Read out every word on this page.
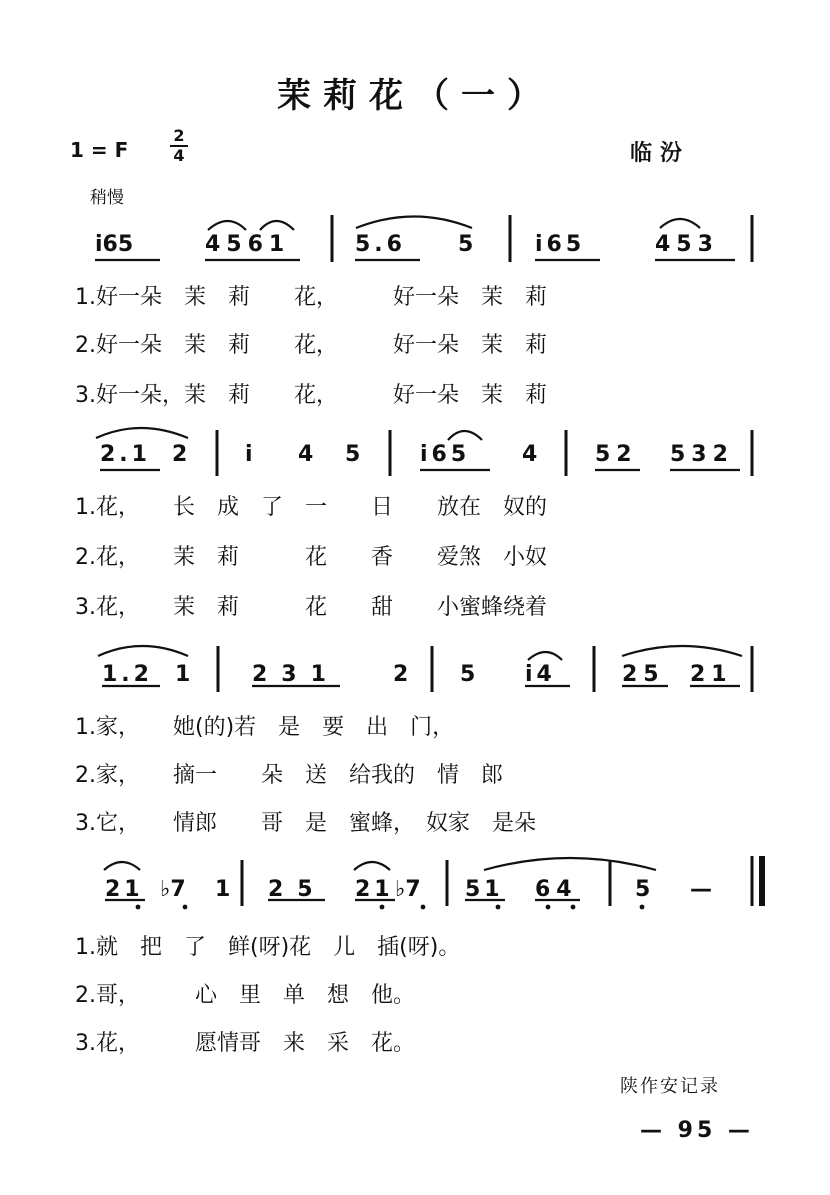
茉莉花（一）
1 = F
2
4	临汾
稍慢
i65	4561	5.6 5	i65	453
1.好一朵　茉　莉　　花，　　　好一朵　茉　莉
2.好一朵　茉　莉　　花，　　　好一朵　茉　莉
3.好一朵，茉　莉　　花，　　　好一朵　茉　莉
2.1 2	i 4 5	i65 4	52 532
1.花，　　长　成　了　一　　日　　放在　奴的
2.花，　　茉　莉　　　花　　香　　爱煞　小奴
3.花，　　茉　莉　　　花　　甜　　小蜜蜂绕着
1.2 1	231 2 5 i4	25 21
1.家，　　她(的)若　是　要　出　门，
2.家，　　摘一　　朵　送　给我的　情　郎
3.它，　　情郎　　哥　是　蜜蜂，　奴家　是朵
21 ♭7 1 25 21 ♭7 51 64	5 —
1.就　把　了　鲜(呀)花　儿　插(呀)。
2.哥，　　　心　里　单　想　他。
3.花，　　　愿情哥　来　采　花。
陕作安记录
— 95 —
